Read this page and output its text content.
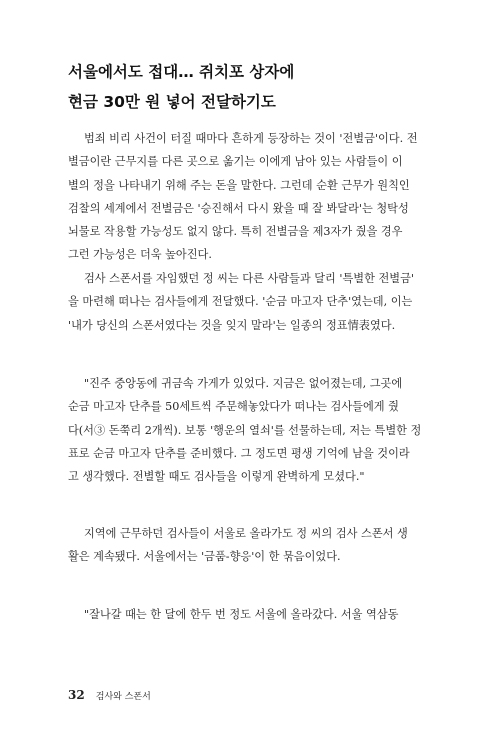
서울에서도 접대… 쥐치포 상자에
현금 30만 원 넣어 전달하기도

범죄 비리 사건이 터질 때마다 흔하게 등장하는 것이 '전별금'이다. 전
별금이란 근무지를 다른 곳으로 옮기는 이에게 남아 있는 사람들이 이
별의 정을 나타내기 위해 주는 돈을 말한다. 그런데 순환 근무가 원칙인
검찰의 세계에서 전별금은 '승진해서 다시 왔을 때 잘 봐달라'는 청탁성
뇌물로 작용할 가능성도 없지 않다. 특히 전별금을 제3자가 줬을 경우
그런 가능성은 더욱 높아진다.

검사 스폰서를 자임했던 정 씨는 다른 사람들과 달리 '특별한 전별금'
을 마련해 떠나는 검사들에게 전달했다. '순금 마고자 단추'였는데, 이는
'내가 당신의 스폰서였다는 것을 잊지 말라'는 일종의 정표情表였다.

"진주 중앙동에 귀금속 가게가 있었다. 지금은 없어졌는데, 그곳에
순금 마고자 단추를 50세트씩 주문해놓았다가 떠나는 검사들에게 줬
다(서③ 돈쭉리 2개씩). 보통 '행운의 열쇠'를 선물하는데, 저는 특별한 정
표로 순금 마고자 단추를 준비했다. 그 정도면 평생 기억에 남을 것이라
고 생각했다. 전별할 때도 검사들을 이렇게 완벽하게 모셨다."

지역에 근무하던 검사들이 서울로 올라가도 정 씨의 검사 스폰서 생
활은 계속됐다. 서울에서는 '금품-향응'이 한 묶음이었다.

"잘나갈 때는 한 달에 한두 번 정도 서울에 올라갔다. 서울 역삼동

32 검사와 스폰서
